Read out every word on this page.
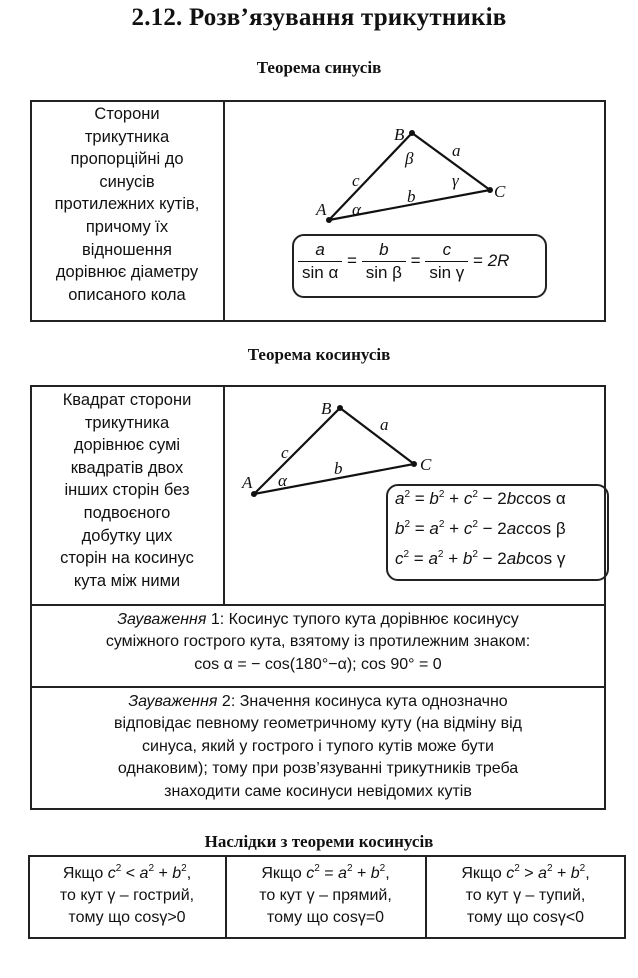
2.12. Розв’язування трикутників
Теорема синусів
Сторони
трикутника
пропорційні до
синусів
протилежних кутів,
причому їх
відношення
дорівнює діаметру
описаного кола
A
B
C
a
b
c
α
β
γ
$\frac{a}{\text{sin α}} = \frac{b}{\text{sin β}} = \frac{c}{\text{sin γ}} = 2R$
Теорема косинусів
Квадрат сторони
трикутника
дорівнює сумі
квадратів двох
інших сторін без
подвоєного
добутку цих
сторін на косинус
кута між ними
A
B
C
a
b
c
α
$a^2 = b^2 + c^2 - 2bccos$ α
$b^2 = a^2 + c^2 - 2accos$ β
$c^2 = a^2 + b^2 - 2abcos$ γ
Зауваження 1: Косинус тупого кута дорівнює косинусу
суміжного гострого кута, взятому із протилежним знаком:
cos α = − cos(180°−α); cos 90° = 0
Зауваження 2: Значення косинуса кута однозначно
відповідає певному геометричному куту (на відміну від
синуса, який у гострого і тупого кутів може бути
однаковим); тому при розв’язуванні трикутників треба
знаходити саме косинуси невідомих кутів
Наслідки з теореми косинусів
Якщо $c^2 < a^2 + b^2$,
то кут γ – гострий,
тому що cosγ>0
Якщо $c^2 = a^2 + b^2$,
то кут γ – прямий,
тому що cosγ=0
Якщо $c^2 > a^2 + b^2$,
то кут γ – тупий,
тому що cosγ<0
